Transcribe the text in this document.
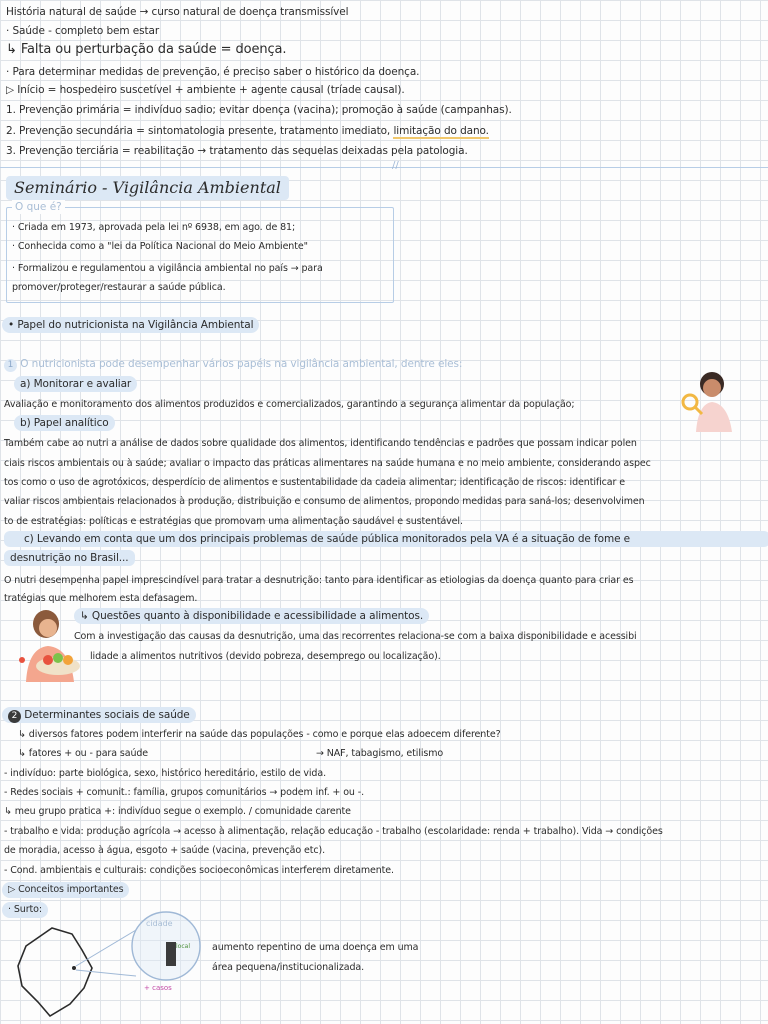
História natural de saúde → curso natural de doença transmissível
· Saúde - completo bem estar
↳ Falta ou perturbação da saúde = doença.
· Para determinar medidas de prevenção, é preciso saber o histórico da doença.
▷ Início = hospedeiro suscetível + ambiente + agente causal (tríade causal).
1. Prevenção primária = indivíduo sadio; evitar doença (vacina); promoção à saúde (campanhas).
2. Prevenção secundária = sintomatologia presente, tratamento imediato, limitação do dano.
3. Prevenção terciária = reabilitação → tratamento das sequelas deixadas pela patologia.
//
Seminário - Vigilância Ambiental
O que é?
· Criada em 1973, aprovada pela lei nº 6938, em ago. de 81;
· Conhecida como a "lei da Política Nacional do Meio Ambiente"
· Formalizou e regulamentou a vigilância ambiental no país → para
promover/proteger/restaurar a saúde pública.
• Papel do nutricionista na Vigilância Ambiental
1 O nutricionista pode desempenhar vários papéis na vigilância ambiental, dentre eles:
a) Monitorar e avaliar
Avaliação e monitoramento dos alimentos produzidos e comercializados, garantindo a segurança alimentar da população;
b) Papel analítico
Também cabe ao nutri a análise de dados sobre qualidade dos alimentos, identificando tendências e padrões que possam indicar polen
ciais riscos ambientais ou à saúde; avaliar o impacto das práticas alimentares na saúde humana e no meio ambiente, considerando aspec
tos como o uso de agrotóxicos, desperdício de alimentos e sustentabilidade da cadeia alimentar; identificação de riscos: identificar e
valiar riscos ambientais relacionados à produção, distribuição e consumo de alimentos, propondo medidas para saná-los; desenvolvimen
to de estratégias: políticas e estratégias que promovam uma alimentação saudável e sustentável.
c) Levando em conta que um dos principais problemas de saúde pública monitorados pela VA é a situação de fome e
desnutrição no Brasil...
O nutri desempenha papel imprescindível para tratar a desnutrição: tanto para identificar as etiologias da doença quanto para criar es
tratégias que melhorem esta defasagem.
↳ Questões quanto à disponibilidade e acessibilidade a alimentos.
Com a investigação das causas da desnutrição, uma das recorrentes relaciona-se com a baixa disponibilidade e acessibi
lidade a alimentos nutritivos (devido pobreza, desemprego ou localização).
2 Determinantes sociais de saúde
↳ diversos fatores podem interferir na saúde das populações - como e porque elas adoecem diferente?
↳ fatores + ou - para saúde	→ NAF, tabagismo, etilismo
- indivíduo: parte biológica, sexo, histórico hereditário, estilo de vida.
- Redes sociais + comunit.: família, grupos comunitários → podem inf. + ou -.
↳ meu grupo pratica +: indivíduo segue o exemplo. / comunidade carente
- trabalho e vida: produção agrícola → acesso à alimentação, relação educação - trabalho (escolaridade: renda + trabalho). Vida → condições
de moradia, acesso à água, esgoto + saúde (vacina, prevenção etc).
- Cond. ambientais e culturais: condições socioeconômicas interferem diretamente.
▷ Conceitos importantes
· Surto:
cidade
local
+ casos
aumento repentino de uma doença em uma
área pequena/institucionalizada.
